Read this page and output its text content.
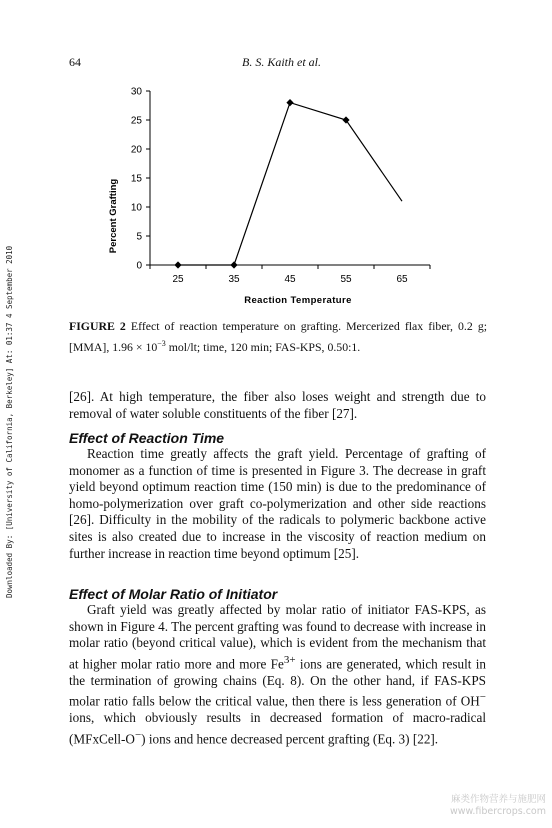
64	B. S. Kaith et al.
Downloaded By: [University of California, Berkeley] At: 01:37 4 September 2010	0
5
10
15
20
25
30
25	35	45	55	65
Percent Grafting
Reaction Temperature
FIGURE 2 Effect of reaction temperature on grafting. Mercerized flax fiber, 0.2 g; [MMA], $1.96 \times 10^{-3}$ mol/lt; time, 120 min; FAS-KPS, 0.50:1.

[26]. At high temperature, the fiber also loses weight and strength due to removal of water soluble constituents of the fiber [27].

Effect of Reaction Time

Reaction time greatly affects the graft yield. Percentage of grafting of monomer as a function of time is presented in Figure 3. The decrease in graft yield beyond optimum reaction time (150 min) is due to the predominance of homo-polymerization over graft co-polymerization and other side reactions [26]. Difficulty in the mobility of the radicals to polymeric backbone active sites is also created due to increase in the viscosity of reaction medium on further increase in reaction time beyond optimum [25].

Effect of Molar Ratio of Initiator

Graft yield was greatly affected by molar ratio of initiator FAS-KPS, as shown in Figure 4. The percent grafting was found to decrease with increase in molar ratio (beyond critical value), which is evident from the mechanism that at higher molar ratio more and more $Fe^{3+}$ ions are generated, which result in the termination of growing chains (Eq. 8). On the other hand, if FAS-KPS molar ratio falls below the critical value, then there is less generation of OH− ions, which obviously results in decreased formation of macro-radical (MFxCell-O−) ions and hence decreased percent grafting (Eq. 3) [22].

麻类作物营养与施肥网
www.fibercrops.com
